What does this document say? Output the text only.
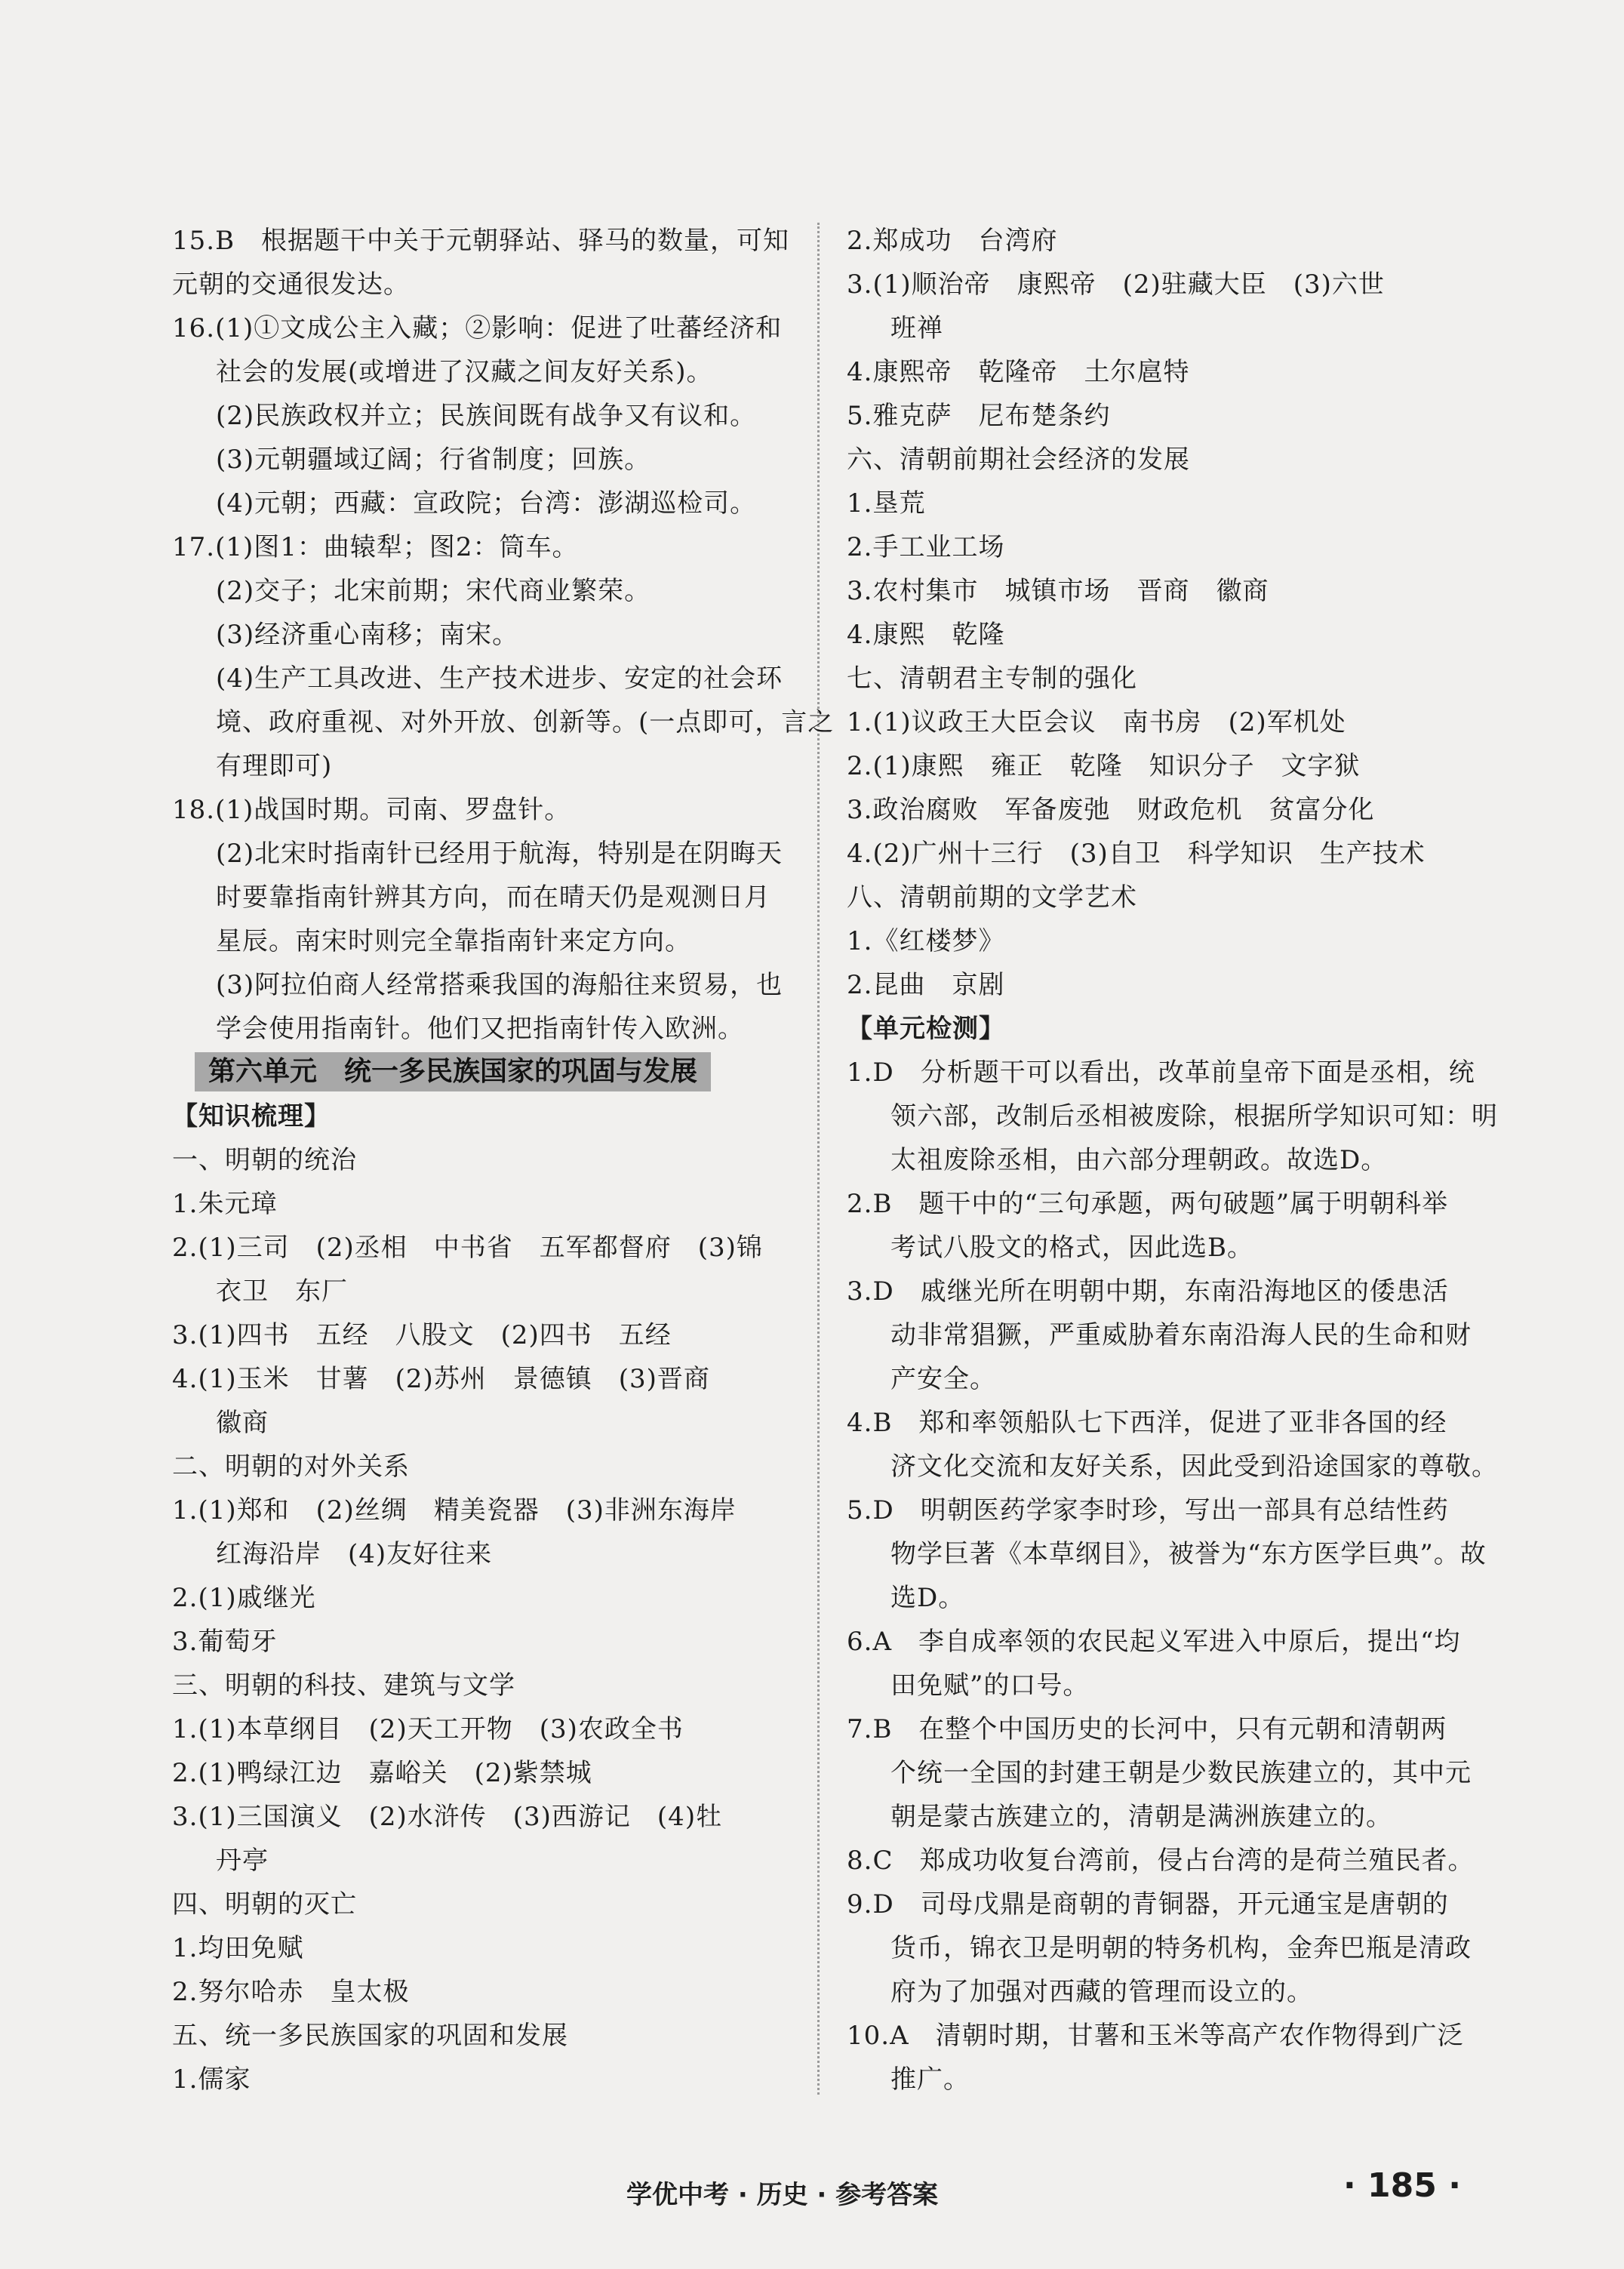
15.B　根据题干中关于元朝驿站、驿马的数量，可知
元朝的交通很发达。
16.(1)①文成公主入藏；②影响：促进了吐蕃经济和
社会的发展(或增进了汉藏之间友好关系)。
(2)民族政权并立；民族间既有战争又有议和。
(3)元朝疆域辽阔；行省制度；回族。
(4)元朝；西藏：宣政院；台湾：澎湖巡检司。
17.(1)图1：曲辕犁；图2：筒车。
(2)交子；北宋前期；宋代商业繁荣。
(3)经济重心南移；南宋。
(4)生产工具改进、生产技术进步、安定的社会环
境、政府重视、对外开放、创新等。(一点即可，言之
有理即可)
18.(1)战国时期。司南、罗盘针。
(2)北宋时指南针已经用于航海，特别是在阴晦天
时要靠指南针辨其方向，而在晴天仍是观测日月
星辰。南宋时则完全靠指南针来定方向。
(3)阿拉伯商人经常搭乘我国的海船往来贸易，也
学会使用指南针。他们又把指南针传入欧洲。
第六单元　统一多民族国家的巩固与发展
【知识梳理】
一、明朝的统治
1.朱元璋
2.(1)三司　(2)丞相　中书省　五军都督府　(3)锦
衣卫　东厂
3.(1)四书　五经　八股文　(2)四书　五经
4.(1)玉米　甘薯　(2)苏州　景德镇　(3)晋商
徽商
二、明朝的对外关系
1.(1)郑和　(2)丝绸　精美瓷器　(3)非洲东海岸
红海沿岸　(4)友好往来
2.(1)戚继光
3.葡萄牙
三、明朝的科技、建筑与文学
1.(1)本草纲目　(2)天工开物　(3)农政全书
2.(1)鸭绿江边　嘉峪关　(2)紫禁城
3.(1)三国演义　(2)水浒传　(3)西游记　(4)牡
丹亭
四、明朝的灭亡
1.均田免赋
2.努尔哈赤　皇太极
五、统一多民族国家的巩固和发展
1.儒家
2.郑成功　台湾府
3.(1)顺治帝　康熙帝　(2)驻藏大臣　(3)六世
班禅
4.康熙帝　乾隆帝　土尔扈特
5.雅克萨　尼布楚条约
六、清朝前期社会经济的发展
1.垦荒
2.手工业工场
3.农村集市　城镇市场　晋商　徽商
4.康熙　乾隆
七、清朝君主专制的强化
1.(1)议政王大臣会议　南书房　(2)军机处
2.(1)康熙　雍正　乾隆　知识分子　文字狱
3.政治腐败　军备废弛　财政危机　贫富分化
4.(2)广州十三行　(3)自卫　科学知识　生产技术
八、清朝前期的文学艺术
1.《红楼梦》
2.昆曲　京剧
【单元检测】
1.D　分析题干可以看出，改革前皇帝下面是丞相，统
领六部，改制后丞相被废除，根据所学知识可知：明
太祖废除丞相，由六部分理朝政。故选D。
2.B　题干中的“三句承题，两句破题”属于明朝科举
考试八股文的格式，因此选B。
3.D　戚继光所在明朝中期，东南沿海地区的倭患活
动非常猖獗，严重威胁着东南沿海人民的生命和财
产安全。
4.B　郑和率领船队七下西洋，促进了亚非各国的经
济文化交流和友好关系，因此受到沿途国家的尊敬。
5.D　明朝医药学家李时珍，写出一部具有总结性药
物学巨著《本草纲目》，被誉为“东方医学巨典”。故
选D。
6.A　李自成率领的农民起义军进入中原后，提出“均
田免赋”的口号。
7.B　在整个中国历史的长河中，只有元朝和清朝两
个统一全国的封建王朝是少数民族建立的，其中元
朝是蒙古族建立的，清朝是满洲族建立的。
8.C　郑成功收复台湾前，侵占台湾的是荷兰殖民者。
9.D　司母戊鼎是商朝的青铜器，开元通宝是唐朝的
货币，锦衣卫是明朝的特务机构，金奔巴瓶是清政
府为了加强对西藏的管理而设立的。
10.A　清朝时期，甘薯和玉米等高产农作物得到广泛
推广。
学优中考 · 历史 · 参考答案	· 185 ·
